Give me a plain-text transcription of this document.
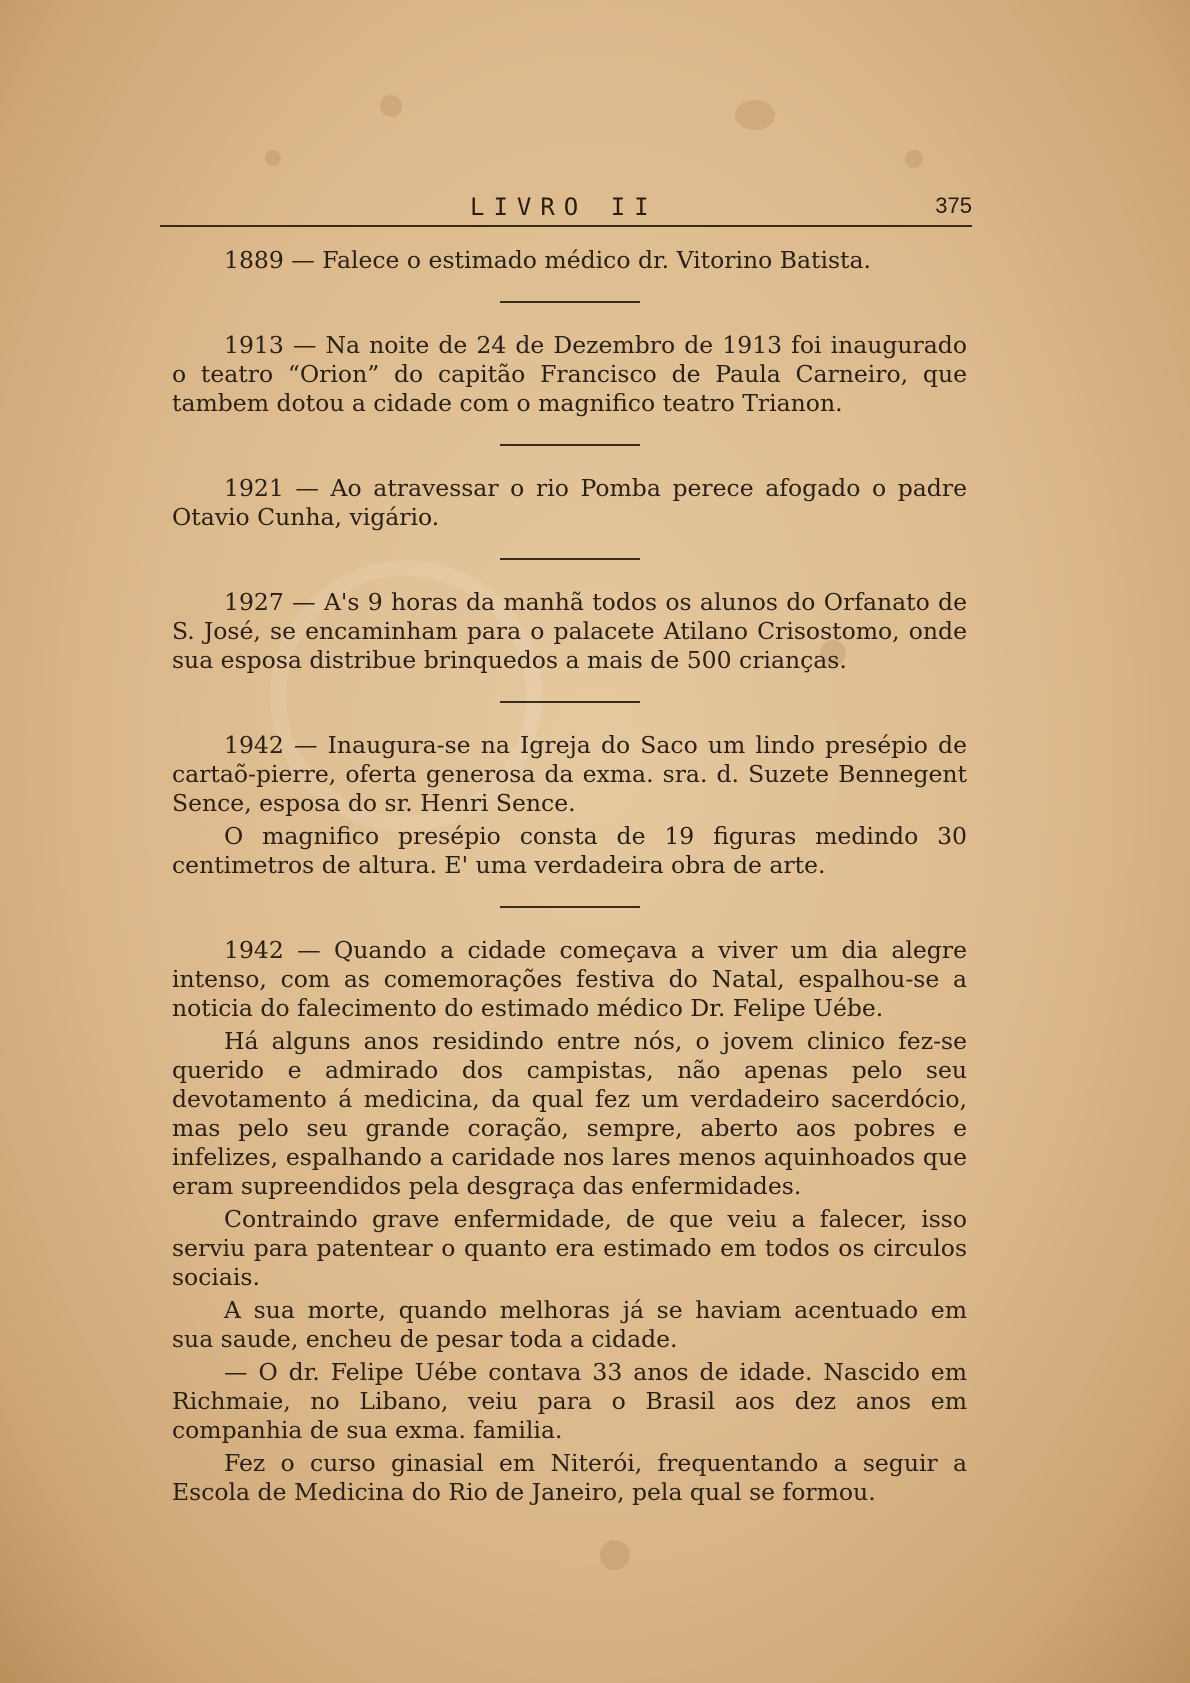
LIVRO II	375

1889 — Falece o estimado médico dr. Vitorino Batista.

1913 — Na noite de 24 de Dezembro de 1913 foi inaugurado o teatro “Orion” do capitão Francisco de Paula Carneiro, que tambem dotou a cidade com o magnifico teatro Trianon.

1921 — Ao atravessar o rio Pomba perece afogado o padre Otavio Cunha, vigário.

1927 — A's 9 horas da manhã todos os alunos do Orfanato de S. José, se encaminham para o palacete Atilano Crisostomo, onde sua esposa distribue brinquedos a mais de 500 crianças.

1942 — Inaugura-se na Igreja do Saco um lindo presépio de cartaõ-pierre, oferta generosa da exma. sra. d. Suzete Bennegent Sence, esposa do sr. Henri Sence.

O magnifico presépio consta de 19 figuras medindo 30 centimetros de altura. E' uma verdadeira obra de arte.

1942 — Quando a cidade começava a viver um dia alegre intenso, com as comemorações festiva do Natal, espalhou-se a noticia do falecimento do estimado médico Dr. Felipe Uébe.

Há alguns anos residindo entre nós, o jovem clinico fez-se querido e admirado dos campistas, não apenas pelo seu devotamento á medicina, da qual fez um verdadeiro sacerdócio, mas pelo seu grande coração, sempre, aberto aos pobres e infelizes, espalhando a caridade nos lares menos aquinhoados que eram supreendidos pela desgraça das enfermidades.

Contraindo grave enfermidade, de que veiu a falecer, isso serviu para patentear o quanto era estimado em todos os circulos sociais.

A sua morte, quando melhoras já se haviam acentuado em sua saude, encheu de pesar toda a cidade.

— O dr. Felipe Uébe contava 33 anos de idade. Nascido em Richmaie, no Libano, veiu para o Brasil aos dez anos em companhia de sua exma. familia.

Fez o curso ginasial em Niterói, frequentando a seguir a Escola de Medicina do Rio de Janeiro, pela qual se formou.
